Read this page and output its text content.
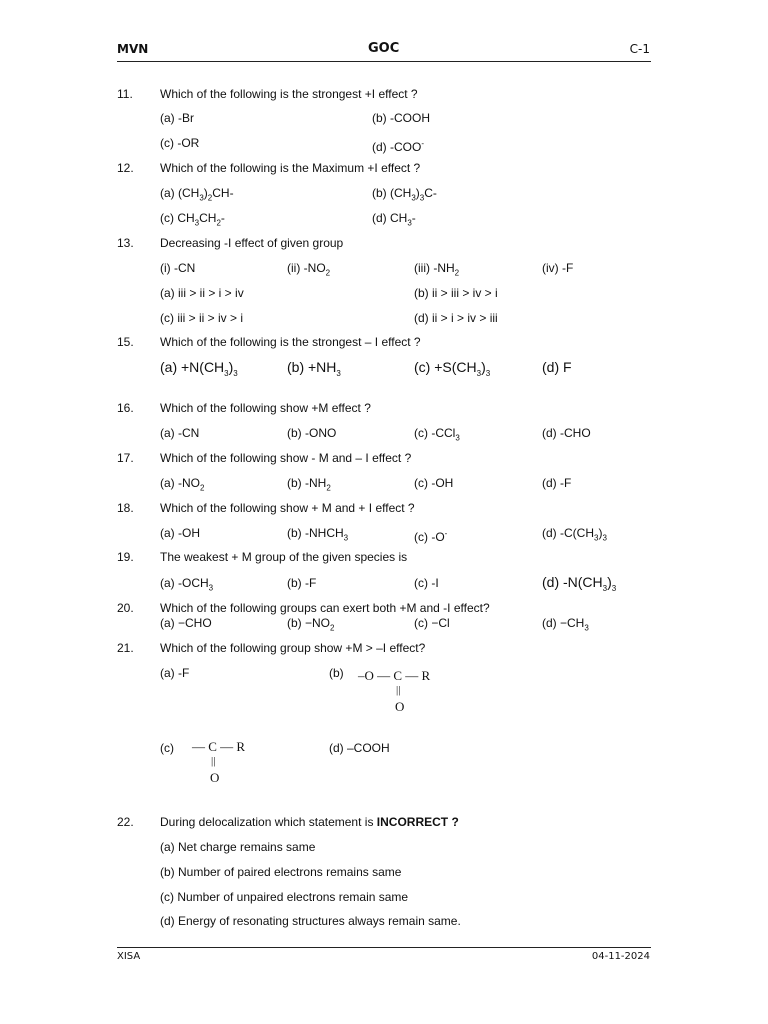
MVN	GOC	C-1
11. Which of the following is the strongest +I effect ?
(a) -Br	(b) -COOH
(c) -OR	(d) -COO-
12. Which of the following is the Maximum +I effect ?
(a) $(CH_3)_2CH-$	(b) $(CH_3)_3C-$
(c) $CH_3CH_2-$	(d) $CH_3-$
13. Decreasing -I effect of given group
(i) -CN	(ii) $-NO_2$	(iii) $-NH_2$	(iv) -F
(a) iii > ii > i > iv	(b) ii > iii > iv > i
(c) iii > ii > iv > i	(d) ii > i > iv > iii
15. Which of the following is the strongest – I effect ?
$(a) +N(CH_3)_3$	$(b) +NH_3$	$(c) +S(CH_3)_3$	(d) F
16. Which of the following show +M effect ?
(a) -CN	(b) -ONO	(c) -CCl$_3$	(d) -CHO
17. Which of the following show - M and – I effect ?
(a) $-NO_2$	(b) $-NH_2$	(c) -OH	(d) -F
18. Which of the following show + M and + I effect ?
(a) -OH	(b) $-NHCH_3$	(c) -O-	(d) $-C(CH_3)_3$
19. The weakest + M group of the given species is
(a) $-OCH_3$	(b) -F	(c) -I	(d) $-N(CH_3)_3$
20. Which of the following groups can exert both +M and -I effect?
(a) −CHO	$(b) -NO_2$	(c) −Cl	$(d) -CH_3$
21. Which of the following group show +M > –I effect?
(a) -F	(b) –O — C — R
||
O
(c) — C — R
||
O
(d) –COOH
22. During delocalization which statement is INCORRECT ?
(a) Net charge remains same
(b) Number of paired electrons remains same
(c) Number of unpaired electrons remain same
(d) Energy of resonating structures always remain same.
XISA	04-11-2024
